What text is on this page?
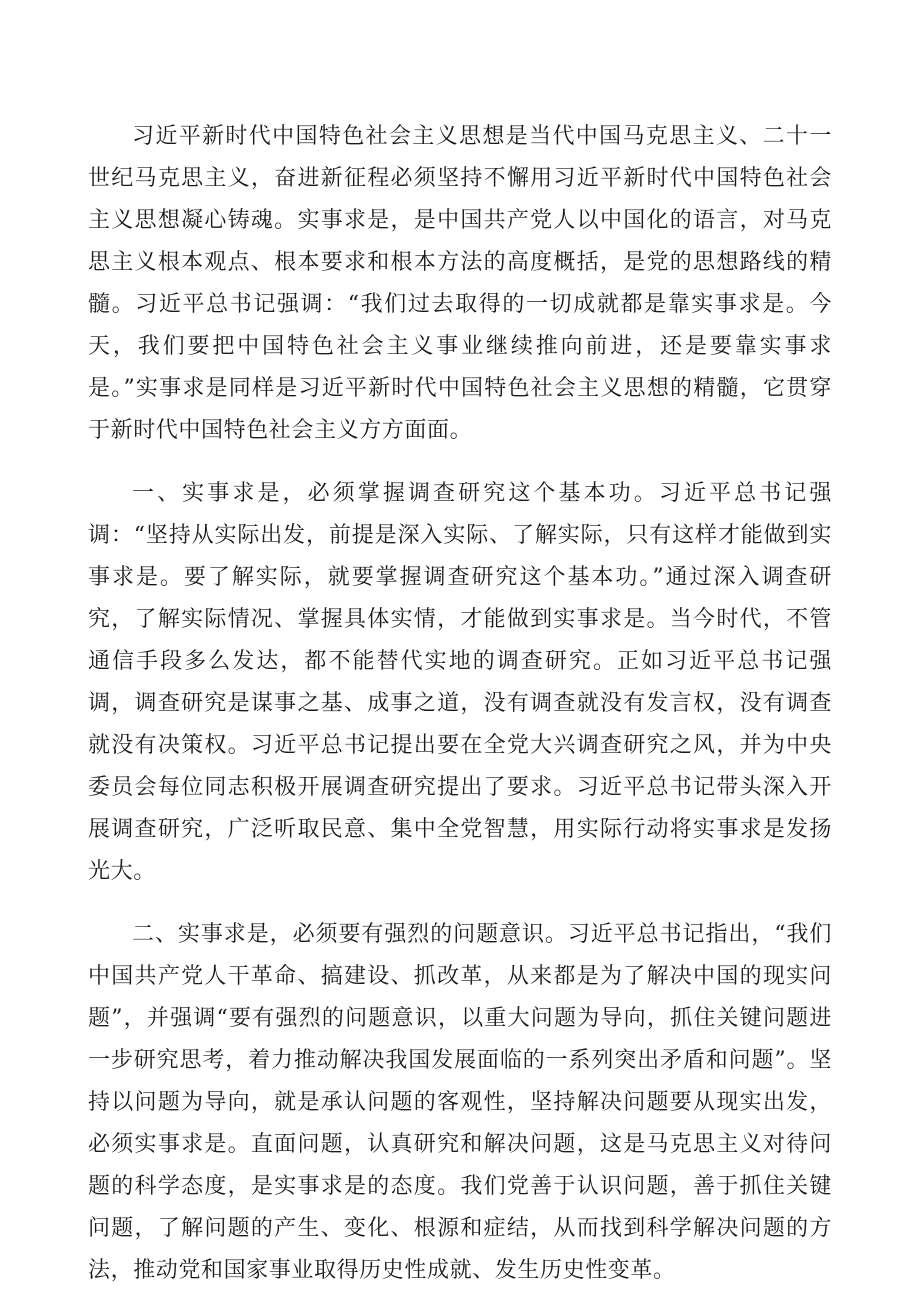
习近平新时代中国特色社会主义思想是当代中国马克思主义、二十一世纪马克思主义，奋进新征程必须坚持不懈用习近平新时代中国特色社会主义思想凝心铸魂。实事求是，是中国共产党人以中国化的语言，对马克思主义根本观点、根本要求和根本方法的高度概括，是党的思想路线的精髓。习近平总书记强调：“我们过去取得的一切成就都是靠实事求是。今天，我们要把中国特色社会主义事业继续推向前进，还是要靠实事求是。”实事求是同样是习近平新时代中国特色社会主义思想的精髓，它贯穿于新时代中国特色社会主义方方面面。

一、实事求是，必须掌握调查研究这个基本功。习近平总书记强调：“坚持从实际出发，前提是深入实际、了解实际，只有这样才能做到实事求是。要了解实际，就要掌握调查研究这个基本功。”通过深入调查研究，了解实际情况、掌握具体实情，才能做到实事求是。当今时代，不管通信手段多么发达，都不能替代实地的调查研究。正如习近平总书记强调，调查研究是谋事之基、成事之道，没有调查就没有发言权，没有调查就没有决策权。习近平总书记提出要在全党大兴调查研究之风，并为中央委员会每位同志积极开展调查研究提出了要求。习近平总书记带头深入开展调查研究，广泛听取民意、集中全党智慧，用实际行动将实事求是发扬光大。

二、实事求是，必须要有强烈的问题意识。习近平总书记指出，“我们中国共产党人干革命、搞建设、抓改革，从来都是为了解决中国的现实问题”，并强调“要有强烈的问题意识，以重大问题为导向，抓住关键问题进一步研究思考，着力推动解决我国发展面临的一系列突出矛盾和问题”。坚持以问题为导向，就是承认问题的客观性，坚持解决问题要从现实出发，必须实事求是。直面问题，认真研究和解决问题，这是马克思主义对待问题的科学态度，是实事求是的态度。我们党善于认识问题，善于抓住关键问题，了解问题的产生、变化、根源和症结，从而找到科学解决问题的方法，推动党和国家事业取得历史性成就、发生历史性变革。
